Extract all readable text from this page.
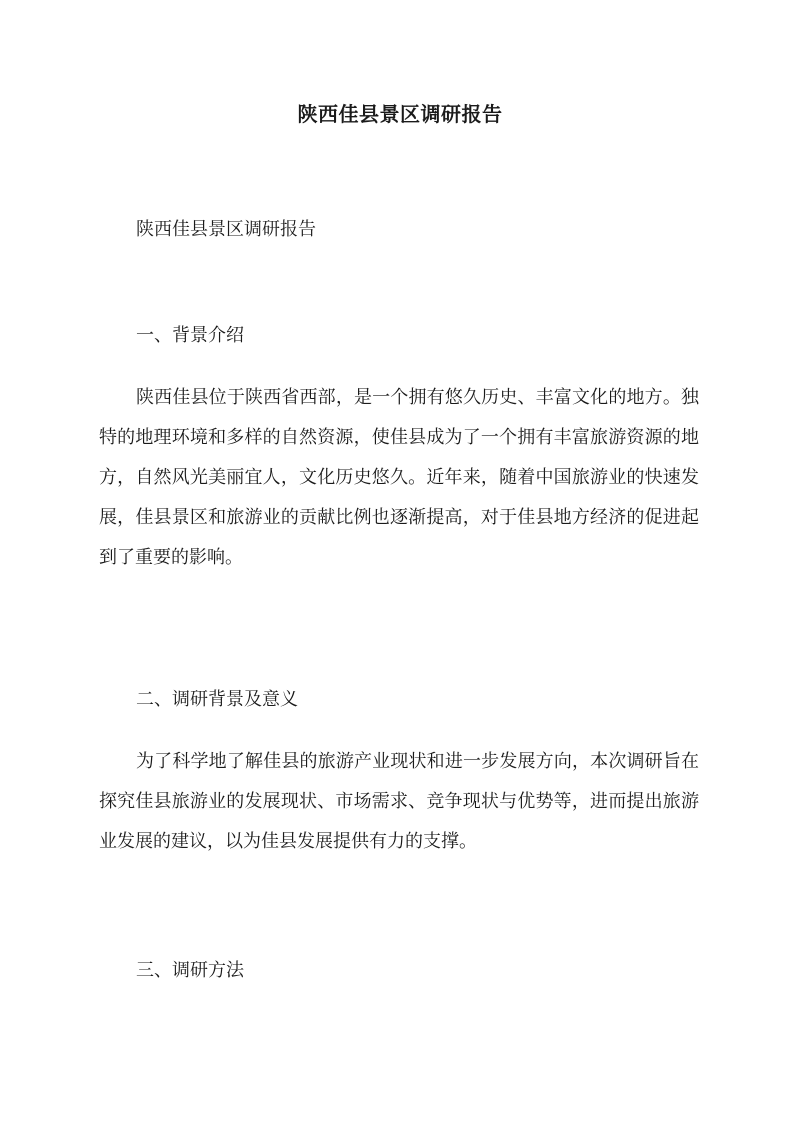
陕西佳县景区调研报告

陕西佳县景区调研报告

一、背景介绍

陕西佳县位于陕西省西部，是一个拥有悠久历史、丰富文化的地方。独特的地理环境和多样的自然资源，使佳县成为了一个拥有丰富旅游资源的地方，自然风光美丽宜人，文化历史悠久。近年来，随着中国旅游业的快速发展，佳县景区和旅游业的贡献比例也逐渐提高，对于佳县地方经济的促进起到了重要的影响。

二、调研背景及意义

为了科学地了解佳县的旅游产业现状和进一步发展方向，本次调研旨在探究佳县旅游业的发展现状、市场需求、竞争现状与优势等，进而提出旅游业发展的建议，以为佳县发展提供有力的支撑。

三、调研方法
